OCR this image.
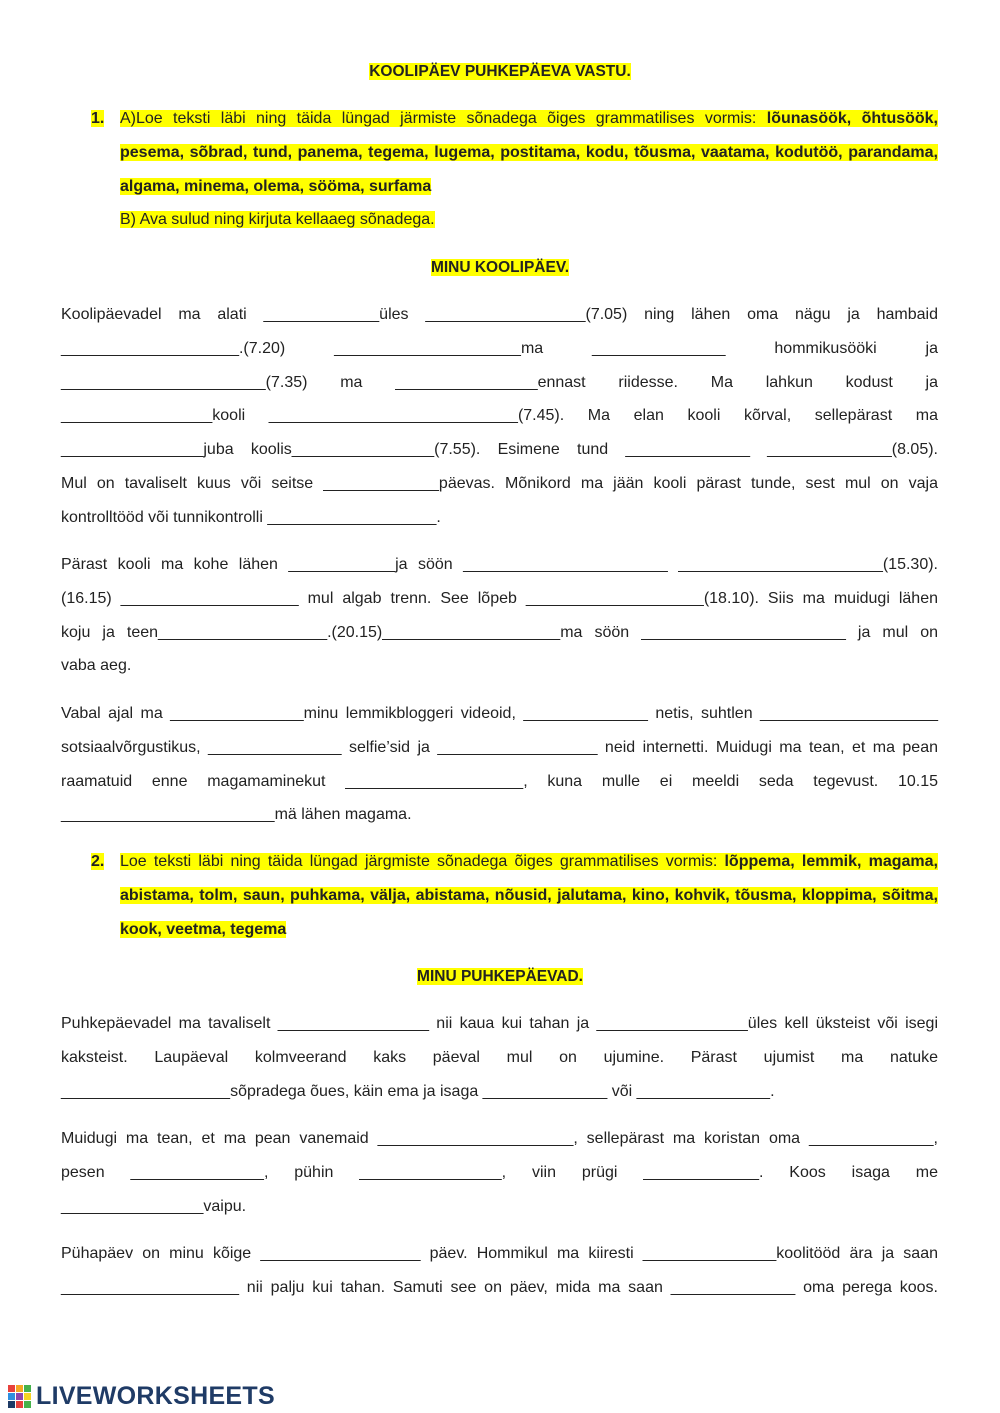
KOOLIPÄEV PUHKEPÄEVA VASTU.
1. A)Loe teksti läbi ning täida lüngad järmiste sõnadega õiges grammatilises vormis: lõunasöök, õhtusöök,
pesema, sõbrad, tund, panema, tegema, lugema, postitama, kodu, tõusma, vaatama, kodutöö, parandama,
algama, minema, olema, sööma, surfama
B) Ava sulud ning kirjuta kellaaeg sõnadega.
MINU KOOLIPÄEV.
Koolipäevadel ma alati _____________üles __________________(7.05) ning lähen oma nägu ja hambaid
____________________.(7.20) _____________________ma _______________ hommikusööki ja
_______________________(7.35) ma ________________ennast riidesse. Ma lahkun kodust ja
_________________kooli ____________________________(7.45). Ma elan kooli kõrval, sellepärast ma
________________juba koolis________________(7.55). Esimene tund ______________ ______________(8.05).
Mul on tavaliselt kuus või seitse _____________päevas. Mõnikord ma jään kooli pärast tunde, sest mul on vaja
kontrolltööd või tunnikontrolli ___________________.
Pärast kooli ma kohe lähen ____________ja söön _______________________ _______________________(15.30).
(16.15) ____________________ mul algab trenn. See lõpeb ____________________(18.10). Siis ma muidugi lähen
koju ja teen___________________.(20.15)____________________ma söön _______________________ ja mul on
vaba aeg.
Vabal ajal ma _______________minu lemmikbloggeri videoid, ______________ netis, suhtlen ____________________
sotsiaalvõrgustikus, _______________ selfie’sid ja __________________ neid internetti. Muidugi ma tean, et ma pean
raamatuid enne magamaminekut ____________________, kuna mulle ei meeldi seda tegevust. 10.15
________________________mä lähen magama.
2. Loe teksti läbi ning täida lüngad järgmiste sõnadega õiges grammatilises vormis: lõppema, lemmik, magama,
abistama, tolm, saun, puhkama, välja, abistama, nõusid, jalutama, kino, kohvik, tõusma, kloppima, sõitma,
kook, veetma, tegema
MINU PUHKEPÄEVAD.
Puhkepäevadel ma tavaliselt _________________ nii kaua kui tahan ja _________________üles kell üksteist või isegi
kaksteist. Laupäeval kolmveerand kaks päeval mul on ujumine. Pärast ujumist ma natuke
___________________sõpradega õues, käin ema ja isaga ______________ või _______________.
Muidugi ma tean, et ma pean vanemaid ______________________, sellepärast ma koristan oma ______________,
pesen _______________, pühin ________________, viin prügi _____________. Koos isaga me
________________vaipu.
Pühapäev on minu kõige __________________ päev. Hommikul ma kiiresti _______________koolitööd ära ja saan
____________________ nii palju kui tahan. Samuti see on päev, mida ma saan ______________ oma perega koos.
LIVEWORKSHEETS
